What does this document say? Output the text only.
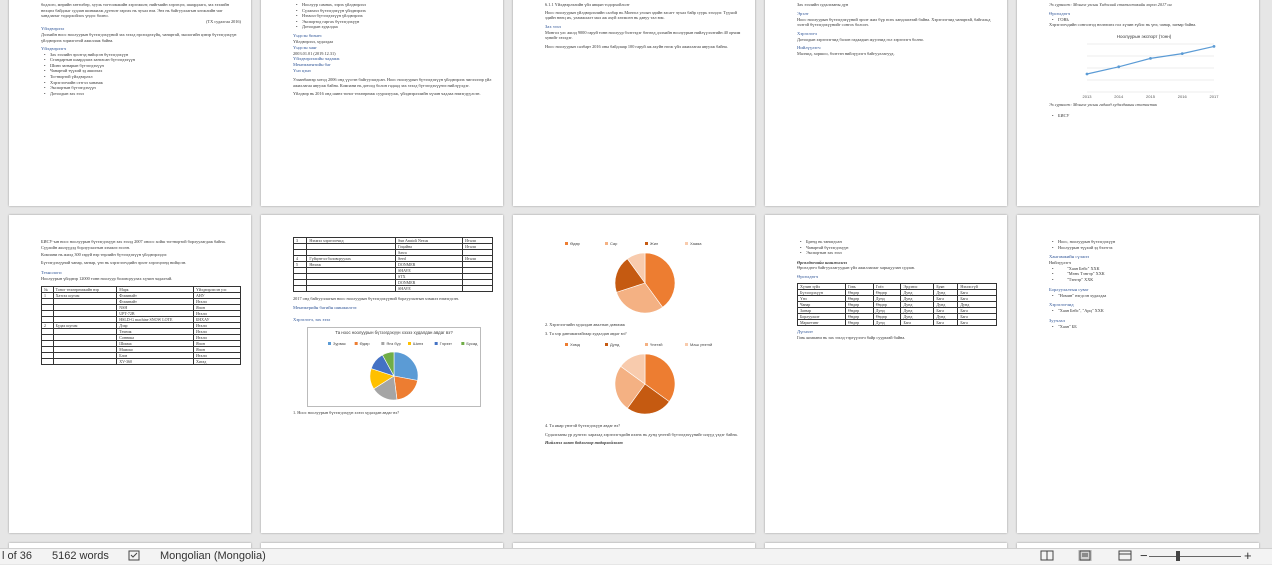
бодлого, мөрийн хөтөлбөр, хууль тогтоомжийн хэрэгжилт, нийгмийн хэрэгцээ, шаардлага, зах зээлийн нөхцөл байдлыг судлан шинжилж дүгнэлт гаргах нь чухал юм. Энэ нь байгууллагын хөгжлийн чиг хандлагыг тодорхойлох үндэс болно.

(ТХ судалгаа 2016)

Үйлдвэрлэл

Дэлхийн ноос ноолуурын бүтээгдэхүүний зах зээлд өрсөлдөхүйц, чанартай, экологийн цэвэр бүтээгдэхүүн үйлдвэрлэх зорилготой ажиллаж байна.

Үйлдвэрлэгч

• Зах зээлийн эрэлтэд нийцсэн бүтээгдэхүүн

• Стандартын шаардлага хангасан бүтээгдэхүүн

• Шинэ загварын бүтээгдэхүүн

• Чанартай түүхий эд ашиглах

• Тогтвортой үйлдвэрлэл

• Хэрэглэгчийн сэтгэл ханамж

• Экспортын бүтээгдэхүүн

• Дотоодын зах зээл

• Ноолуур самнах, ээрэх үйлдвэрлэл

• Сүлжмэл бүтээгдэхүүн үйлдвэрлэх

• Нэхмэл бүтээгдэхүүн үйлдвэрлэх

• Экспортод гаргах бүтээгдэхүүн

• Дотоодын худалдаа

Үндсэн бизнес

Үйлдвэрлэл, худалдаа

Үндсэн хаяг

2003.01.01 (2019.12.31)

Үйлдвэрлэлийн чадамж

Менежментийн баг

Үнэ цэнэ

Улаанбаатар хотод 2006 онд үүсгэн байгуулагдсан. Ноос ноолуурын бүтээгдэхүүн үйлдвэрлэх чиглэлээр үйл ажиллагаа явуулж байна. Компани нь дотоод болон гадаад зах зээлд бүтээгдэхүүнээ нийлүүлдэг.

Үйлдвэр нь 2016 онд шинэ тоног төхөөрөмж суурилуулж, үйлдвэрлэлийн хүчин чадлаа нэмэгдүүлсэн.

6.1.1 Үйлдвэрлэлийн үйл явцын тодорхойлолт

Ноос ноолуурын үйлдвэрлэлийн салбар нь Монгол улсын эдийн засагт чухал байр суурь эзэлдэг. Түүхий эдийн нөөц их, уламжлалт мал аж ахуй хөгжсөн нь давуу тал юм.

Зах зээл

Монгол улс жилд 9000 гаруй тонн ноолуур бэлтгэдэг бөгөөд дэлхийн ноолуурын нийлүүлэлтийн 40 орчим хувийг эзэлдэг.

Ноос ноолуурын салбарт 2016 оны байдлаар 100 гаруй аж ахуйн нэгж үйл ажиллагаа явуулж байна.

Зах зээлийн судалгааны дүн

Эрэлт

Ноос ноолуурын бүтээгдэхүүний эрэлт жил бүр өсөх хандлагатай байна. Хэрэглэгчид чанартай, байгальд ээлтэй бүтээгдэхүүнийг сонгох болсон.

Хэрэглэгч

Дотоодын хэрэглэгчид болон гадаадын жуулчид гол хэрэглэгч болно.

Нийлүүлэгч

Малчид, хоршоо, бэлтгэн нийлүүлэгч байгууллагууд.

Эх сурвалж: Монгол улсын Үндэсний статистикийн хороо 2017 он

Өрсөлдөгч

• ГОВЬ

Хэрэглэгчдийн сонголтод нөлөөлөх гол хүчин зүйлс нь үнэ, чанар, загвар байна.

Ноолуурын экспорт (тонн)
2013	2014	2015	2016	2017

Эх сурвалж: Монгол улсын гадаад худалдааны статистик

• БИСУ

БИСУ-ын ноос ноолуурын бүтээгдэхүүн зах зээлд 2007 оноос хойш тогтвортой борлуулагдаж байна. Сүүлийн жилүүдэд борлуулалтын хэмжээ өссөн.

Компани нь жилд 300 гаруй нэр төрлийн бүтээгдэхүүн үйлдвэрлэдэг.

Бүтээгдэхүүний чанар, загвар, үнэ нь хэрэглэгчдийн эрэлт хэрэгцээнд нийцсэн.

Технологи

Ноолуурын үйлдвэр 12000 тонн ноолуур боловсруулах хүчин чадалтай.

№	Тоног төхөөрөмжийн нэр	Марк	Үйлдвэрлэсэн улс
1	Хатгах шугам	Фоминайт	АНУ
		Фоминайт	Итали
		NSH	Япон
		UPT-72B	Итали
		HSLD-G machine SNOW LOTE	БНХАУ
2	Будах шугам	Дзар	Итали
		Техник	Итали
		Сонника	Итали
		Шимаа	Япон
		Мамоко	Япон
		Близ	Итали
		XV-360	Хятад
3	Нэхмэл хэрэглэгчид	Sun Anatoli Nexus	Итали
		Гоцайна	Итали
		Sawa	
4	Гүйцэтгэл боловсруулах	Seed	Итали
5	Нөхөж	DONMER	
		SHAVE	
		STX	
		DONMER	
		SHAVE	

2017 онд байгууллагын ноос ноолуурын бүтээгдэхүүний борлуулалтын хэмжээ нэмэгдсэн.

Менежерийн багийн шинжилгээ

Хэрэглэгч, зах зээл

Та ноос ноолуурын бүтээгдэхүүн хэзээ худалдан авдаг вэ?
Зурвас	Өдөр	Янз бүр	Шинэ	Гэрээт	Бусад

1. Ноос ноолуурын бүтээгдэхүүн хэзээ худалдан авдаг вэ?

Өдөр	Сар	Жил	Хааяа

2. Хэрэглэгчийн худалдан авалтын давтамж

3. Та хэр давтамжтайгаар худалдан авдаг вэ?

Хямд	Дунд	Үнэтэй	Маш үнэтэй

4. Та ямар үнэтэй бүтээгдэхүүн авдаг вэ?

Судалгааны үр дүнгээс харахад хэрэглэгчдийн ихэнх нь дунд үнэтэй бүтээгдэхүүнийг илүүд үздэг байна.

Нийлмэл хамт бодлогоор тодорхойлолт

• Бренд нь танигдсан

• Чанартай бүтээгдэхүүн

• Экспортын зах зээл

Өрсөлдөгчийн шинжилгээ

Өрсөлдөгч байгууллагуудын үйл ажиллагааг харьцуулан судлав.

Өрсөлдөгч

Хүчин зүйл	Говь	Гоёл	Эрдэнэс	Буян	Нэхээсгүй
Бүтээгдэхүүн	Өндөр	Өндөр	Дунд	Дунд	Бага
Үнэ	Өндөр	Дунд	Дунд	Бага	Бага
Чанар	Өндөр	Өндөр	Дунд	Дунд	Дунд
Загвар	Өндөр	Дунд	Дунд	Бага	Бага
Борлуулалт	Өндөр	Өндөр	Дунд	Дунд	Бага
Маркетинг	Өндөр	Дунд	Бага	Бага	Бага

Дүгнэлт

Говь компани нь зах зээлд тэргүүлэгч байр суурьтай байна.

• Ноос, ноолуурын бүтээгдэхүүн

• Ноолуурын түүхий эд бэлтгэх

Хангамжийн сүлжээ

Нийлүүлэгч

• "Хаан Бейс" ХХК

• "Мөнх Тэнгэр" ХХК

• "Тэнгэр" ХХК

Борлуулалтын суваг

• "Номин" нэгдсэн худалдаа

Хэрэглэгчид

• "Хаан Бейс", "Арц" ХХК

Зуучлал

• "Хаан" ББ

l of 36 5162 words	Mongolian (Mongolia)	−	+
